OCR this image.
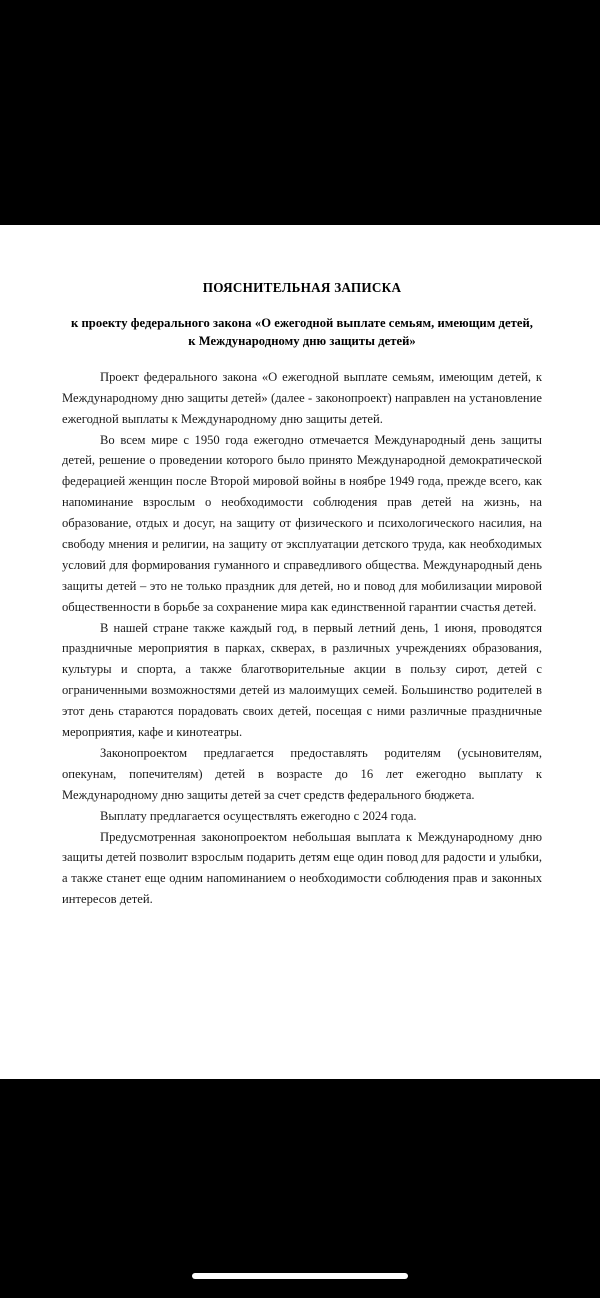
ПОЯСНИТЕЛЬНАЯ ЗАПИСКА
к проекту федерального закона «О ежегодной выплате семьям, имеющим детей, к Международному дню защиты детей»

Проект федерального закона «О ежегодной выплате семьям, имеющим детей, к Международному дню защиты детей» (далее - законопроект) направлен на установление ежегодной выплаты к Международному дню защиты детей.

Во всем мире с 1950 года ежегодно отмечается Международный день защиты детей, решение о проведении которого было принято Международной демократической федерацией женщин после Второй мировой войны в ноябре 1949 года, прежде всего, как напоминание взрослым о необходимости соблюдения прав детей на жизнь, на образование, отдых и досуг, на защиту от физического и психологического насилия, на свободу мнения и религии, на защиту от эксплуатации детского труда, как необходимых условий для формирования гуманного и справедливого общества. Международный день защиты детей – это не только праздник для детей, но и повод для мобилизации мировой общественности в борьбе за сохранение мира как единственной гарантии счастья детей.

В нашей стране также каждый год, в первый летний день, 1 июня, проводятся праздничные мероприятия в парках, скверах, в различных учреждениях образования, культуры и спорта, а также благотворительные акции в пользу сирот, детей с ограниченными возможностями детей из малоимущих семей. Большинство родителей в этот день стараются порадовать своих детей, посещая с ними различные праздничные мероприятия, кафе и кинотеатры.

Законопроектом предлагается предоставлять родителям (усыновителям, опекунам, попечителям) детей в возрасте до 16 лет ежегодно выплату к Международному дню защиты детей за счет средств федерального бюджета.

Выплату предлагается осуществлять ежегодно с 2024 года.

Предусмотренная законопроектом небольшая выплата к Международному дню защиты детей позволит взрослым подарить детям еще один повод для радости и улыбки, а также станет еще одним напоминанием о необходимости соблюдения прав и законных интересов детей.
